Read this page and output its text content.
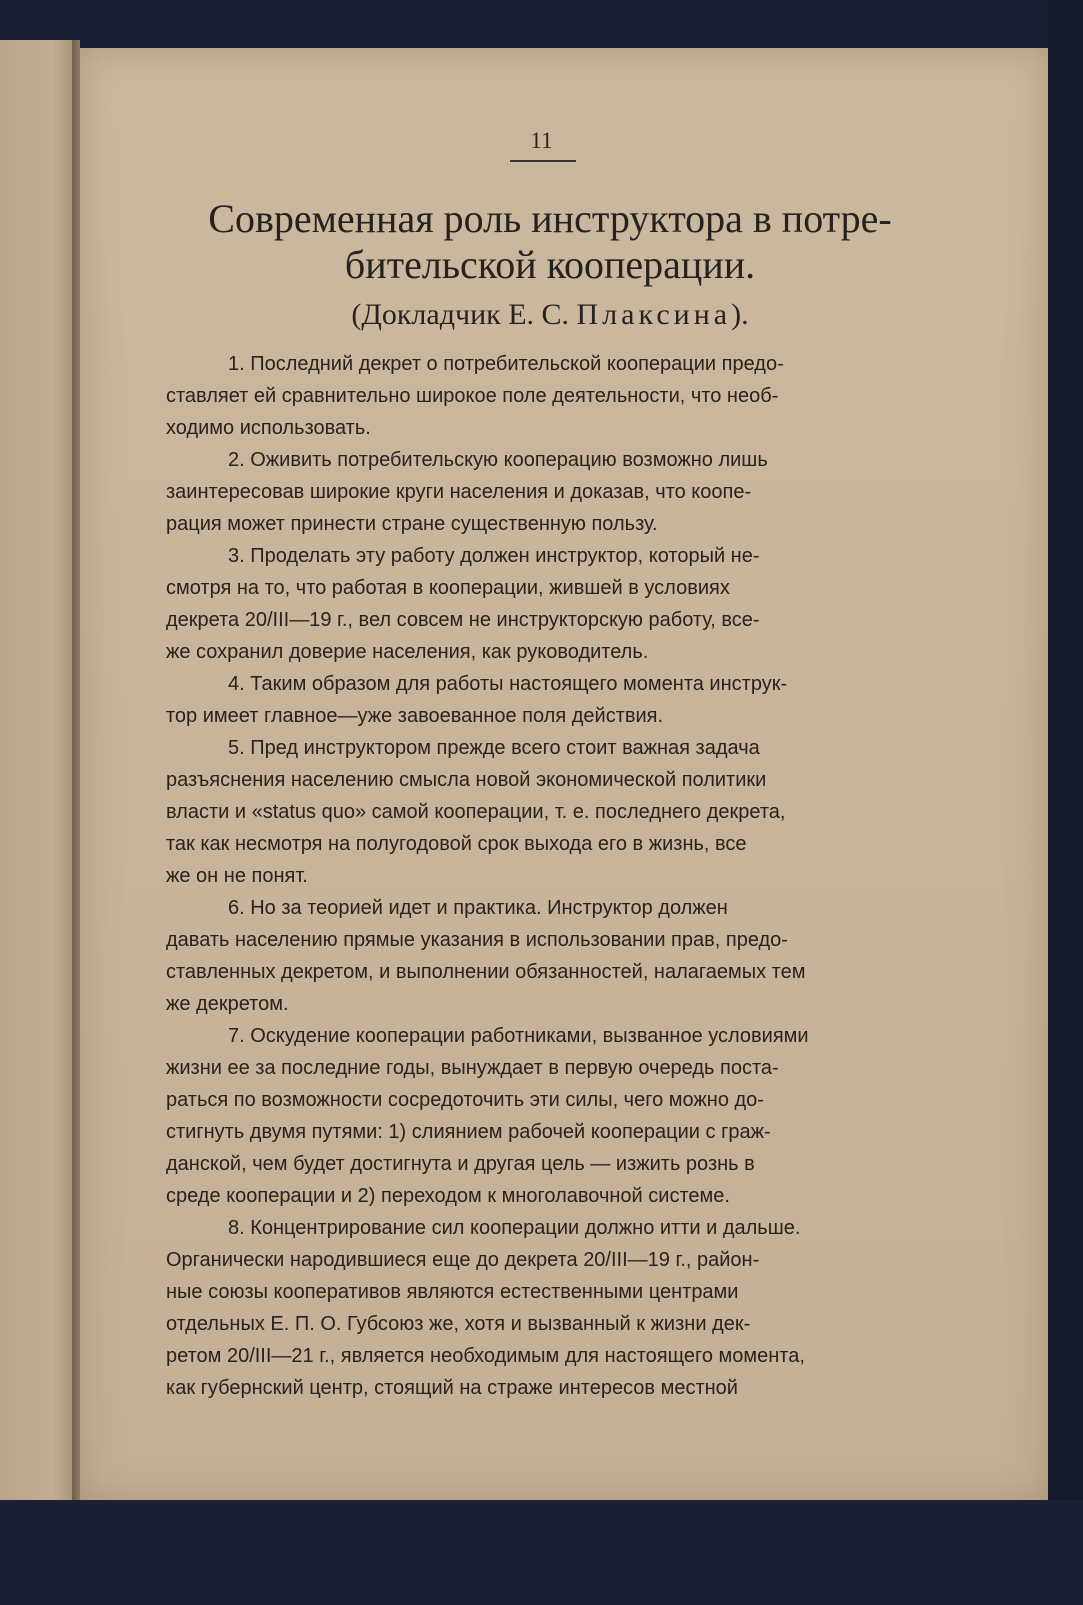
11
Современная роль инструктора в потре-
бительской кооперации.
(Докладчик Е. С. Плаксина).

1. Последний декрет о потребительской кооперации предо-
ставляет ей сравнительно широкое поле деятельности, что необ-
ходимо использовать.

2. Оживить потребительскую кооперацию возможно лишь
заинтересовав широкие круги населения и доказав, что коопе-
рация может принести стране существенную пользу.

3. Проделать эту работу должен инструктор, который не-
смотря на то, что работая в кооперации, жившей в условиях
декрета 20/III—19 г., вел совсем не инструкторскую работу, все-
же сохранил доверие населения, как руководитель.

4. Таким образом для работы настоящего момента инструк-
тор имеет главное—уже завоеванное поля действия.

5. Пред инструктором прежде всего стоит важная задача
разъяснения населению смысла новой экономической политики
власти и «status quo» самой кооперации, т. е. последнего декрета,
так как несмотря на полугодовой срок выхода его в жизнь, все
же он не понят.

6. Но за теорией идет и практика. Инструктор должен
давать населению прямые указания в использовании прав, предо-
ставленных декретом, и выполнении обязанностей, налагаемых тем
же декретом.

7. Оскудение кооперации работниками, вызванное условиями
жизни ее за последние годы, вынуждает в первую очередь поста-
раться по возможности сосредоточить эти силы, чего можно до-
стигнуть двумя путями: 1) слиянием рабочей кооперации с граж-
данской, чем будет достигнута и другая цель — изжить рознь в
среде кооперации и 2) переходом к многолавочной системе.

8. Концентрирование сил кооперации должно итти и дальше.
Органически народившиеся еще до декрета 20/III—19 г., район-
ные союзы кооперативов являются естественными центрами
отдельных Е. П. О. Губсоюз же, хотя и вызванный к жизни дек-
ретом 20/III—21 г., является необходимым для настоящего момента,
как губернский центр, стоящий на страже интересов местной
